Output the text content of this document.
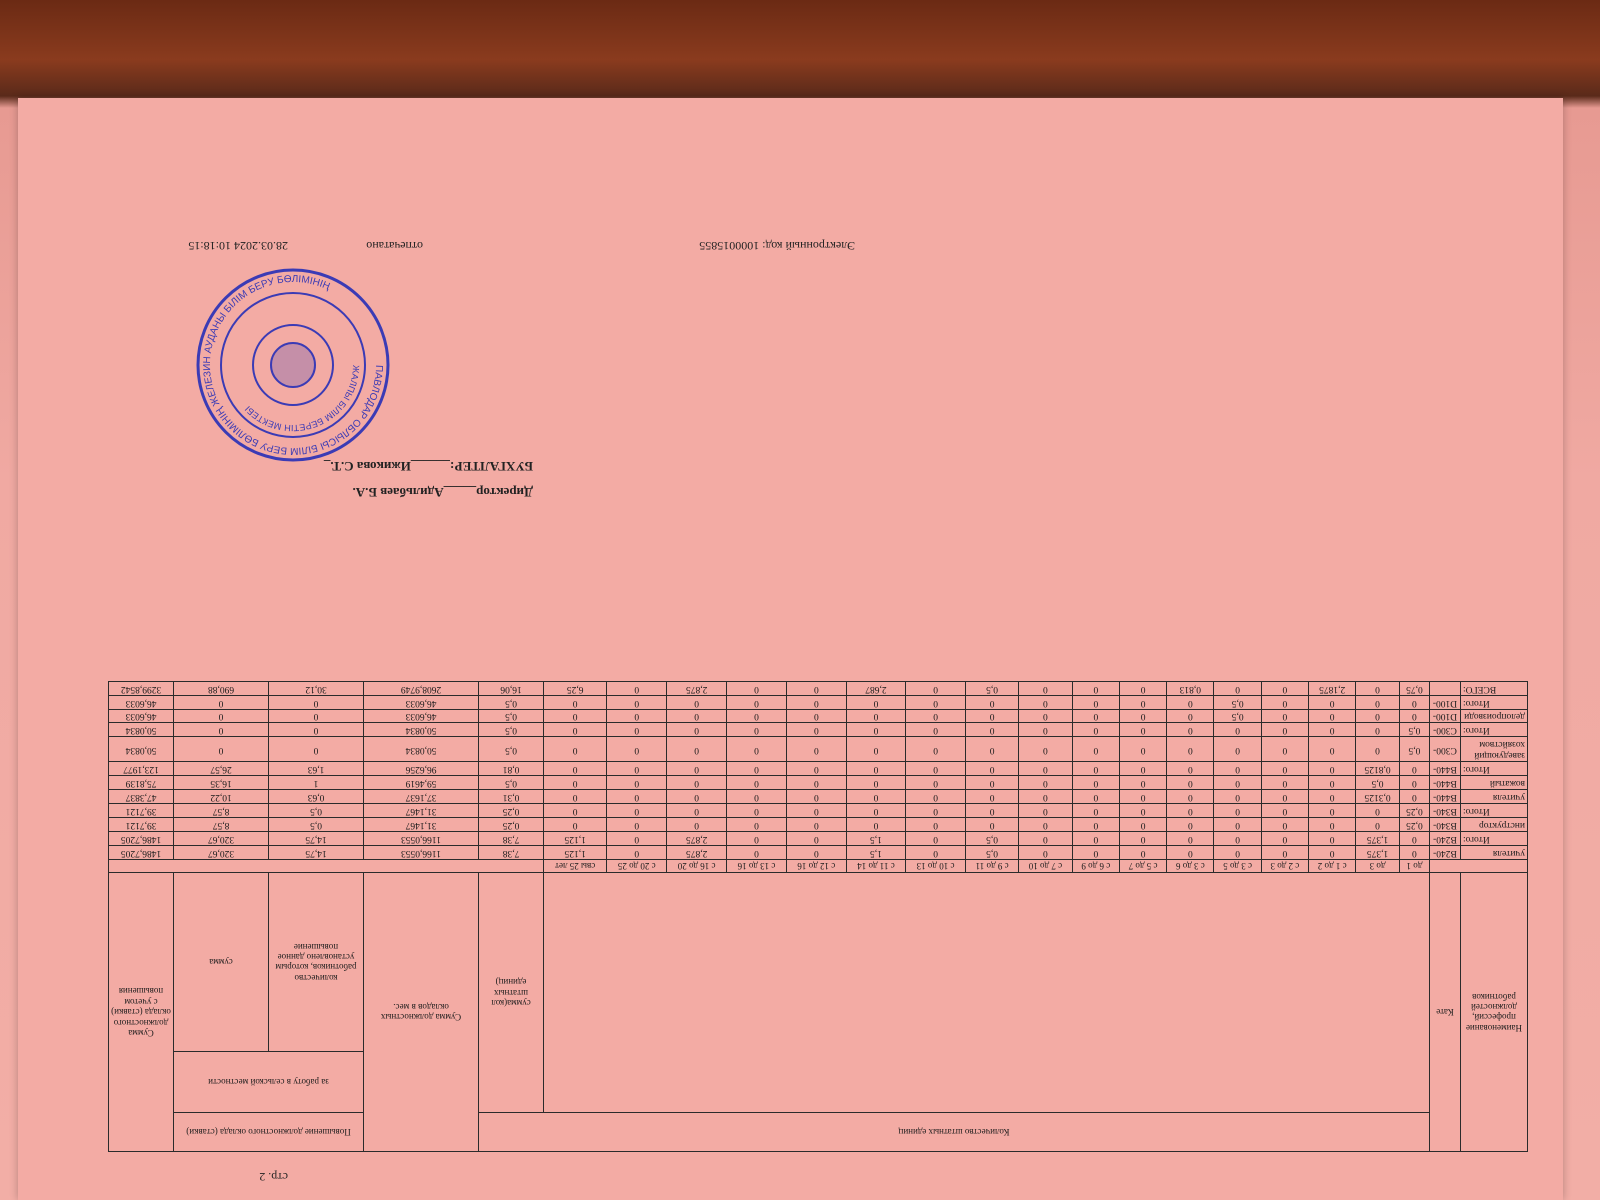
стр. 2
Наименование профессий, должностей работников	Кате	Количество штатных единиц																		Сумма должностных окладов в мес.	Повышение должностного оклада (ставки)		Сумма должностного оклада (ставки) с учетом повышения
																			сумма(кол штатных единиц)		за работу в сельской местности		
																					количество работников, которым установлено данное повышение	сумма	
		до 1	до 3	с 1 до 2	с 2 до 3	с 3 до 5	с 3 до 6	с 5 до 7	с 6 до 9	с 7 до 10	с 9 до 11	с 10 до 13	с 11 до 14	с 12 до 16	с 13 до 16	с 16 до 20	с 20 до 25	свы 25 лет					
учителя	B240-	0	1,375	0	0	0	0	0	0	0	0,5	0	1,5	0	0	2,875	0	1,125	7,38	1166,0553	14,75	320,67	1486,7205
Итого:	B240-	0	1,375	0	0	0	0	0	0	0	0,5	0	1,5	0	0	2,875	0	1,125	7,38	1166,0553	14,75	320,67	1486,7205
инструктор	B340-	0,25	0	0	0	0	0	0	0	0	0	0	0	0	0	0	0	0	0,25	31,1467	0,5	8,57	39,7121
Итого:	B340-	0,25	0	0	0	0	0	0	0	0	0	0	0	0	0	0	0	0	0,25	31,1467	0,5	8,57	39,7121
учителя	B440-	0	0,3125	0	0	0	0	0	0	0	0	0	0	0	0	0	0	0	0,31	37,1637	0,63	10,22	47,3837
вожатый	B440-	0	0,5	0	0	0	0	0	0	0	0	0	0	0	0	0	0	0	0,5	59,4619	1	16,35	75,8139
Итого:	B440-	0	0,8125	0	0	0	0	0	0	0	0	0	0	0	0	0	0	0	0,81	96,6256	1,63	26,57	123,1977
заведующий хозяйством	C300-	0,5	0	0	0	0	0	0	0	0	0	0	0	0	0	0	0	0	0,5	50,0834	0	0	50,0834
Итого:	C300-	0,5	0	0	0	0	0	0	0	0	0	0	0	0	0	0	0	0	0,5	50,0834	0	0	50,0834
делопроизводи	D100-	0	0	0	0	0,5	0	0	0	0	0	0	0	0	0	0	0	0	0,5	46,6033	0	0	46,6033
Итого:	D100-	0	0	0	0	0,5	0	0	0	0	0	0	0	0	0	0	0	0	0,5	46,6033	0	0	46,6033
ВСЕГО:		0,75	0	2,1875	0	0	0,813	0	0	0	0,5	0	2,687	0	0	2,875	0	6,25	16,06	2608,9749	30,12	690,88	3299,8542
Директор_____Адильбаев Б.А.
БУХГАЛТЕР:______Ижикова С.Т._
ПАВЛОДАР ОБЛЫСЫ БІЛІМ БЕРУ БӨЛІМІНІҢ ЖЕЛЕЗИН АУДАНЫ БІЛІМ БЕРУ БӨЛІМІНІҢ
ЖАЛПЫ БІЛІМ БЕРЕТІН МЕКТЕБІ
Электронный код: 1000015855
отпечатано
28.03.2024 10:18:15
